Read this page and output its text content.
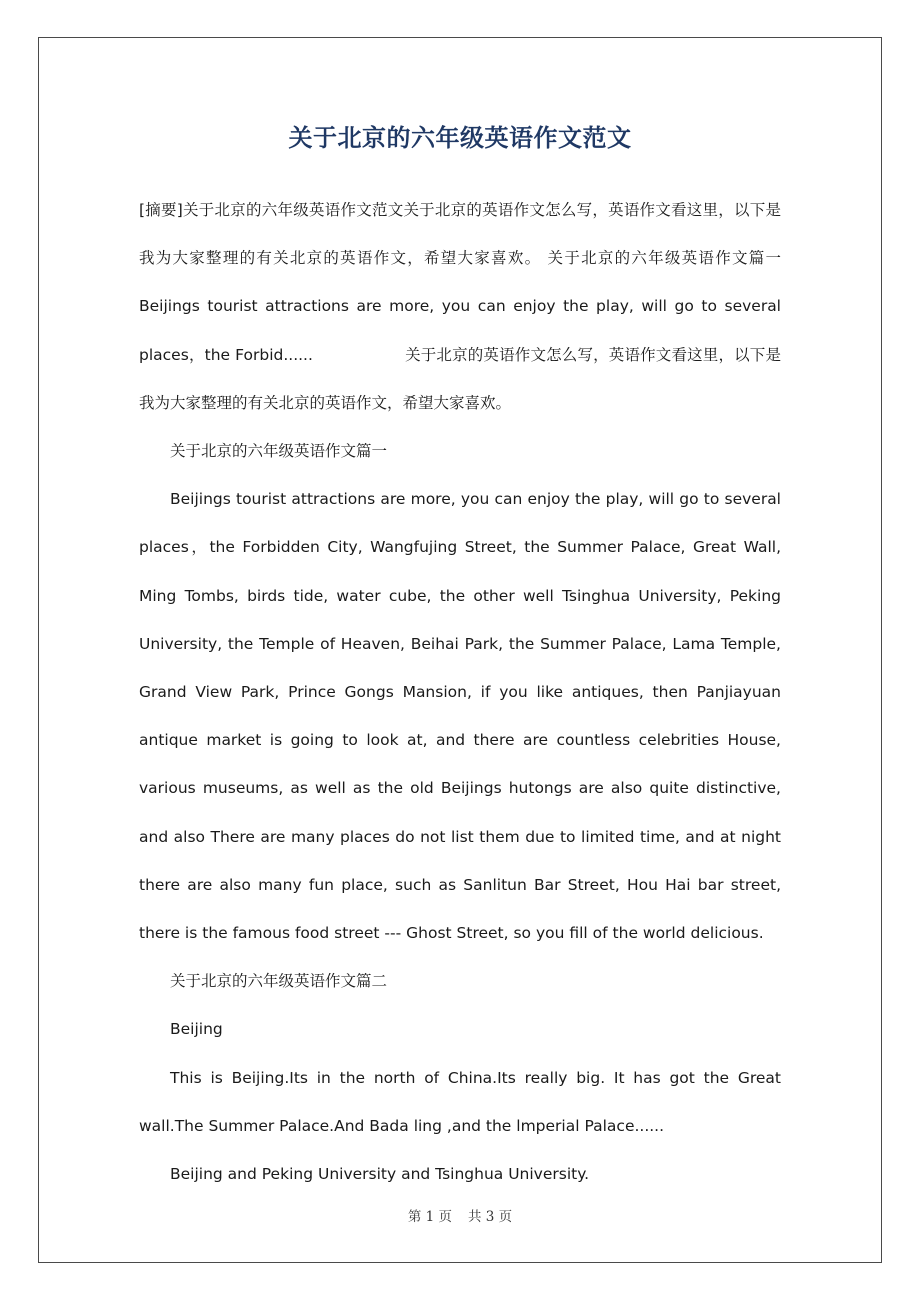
关于北京的六年级英语作文范文

[摘要]关于北京的六年级英语作文范文关于北京的英语作文怎么写，英语作文看这里，以下是我为大家整理的有关北京的英语作文，希望大家喜欢。 关于北京的六年级英语作文篇一 Beijings tourist attractions are more, you can enjoy the play, will go to several places，the Forbid......	关于北京的英语作文怎么写，英语作文看这里，以下是我为大家整理的有关北京的英语作文，希望大家喜欢。

关于北京的六年级英语作文篇一

Beijings tourist attractions are more, you can enjoy the play, will go to several places，the Forbidden City, Wangfujing Street, the Summer Palace, Great Wall, Ming Tombs, birds tide, water cube, the other well Tsinghua University, Peking University, the Temple of Heaven, Beihai Park, the Summer Palace, Lama Temple, Grand View Park, Prince Gongs Mansion, if you like antiques, then Panjiayuan antique market is going to look at, and there are countless celebrities House, various museums, as well as the old Beijings hutongs are also quite distinctive, and also There are many places do not list them due to limited time, and at night there are also many fun place, such as Sanlitun Bar Street, Hou Hai bar street, there is the famous food street --- Ghost Street, so you fill of the world delicious.

关于北京的六年级英语作文篇二

Beijing

This is Beijing.Its in the north of China.Its really big. It has got the Great wall.The Summer Palace.And Bada ling ,and the lmperial Palace......

Beijing and Peking University and Tsinghua University.

第 1 页 共 3 页
